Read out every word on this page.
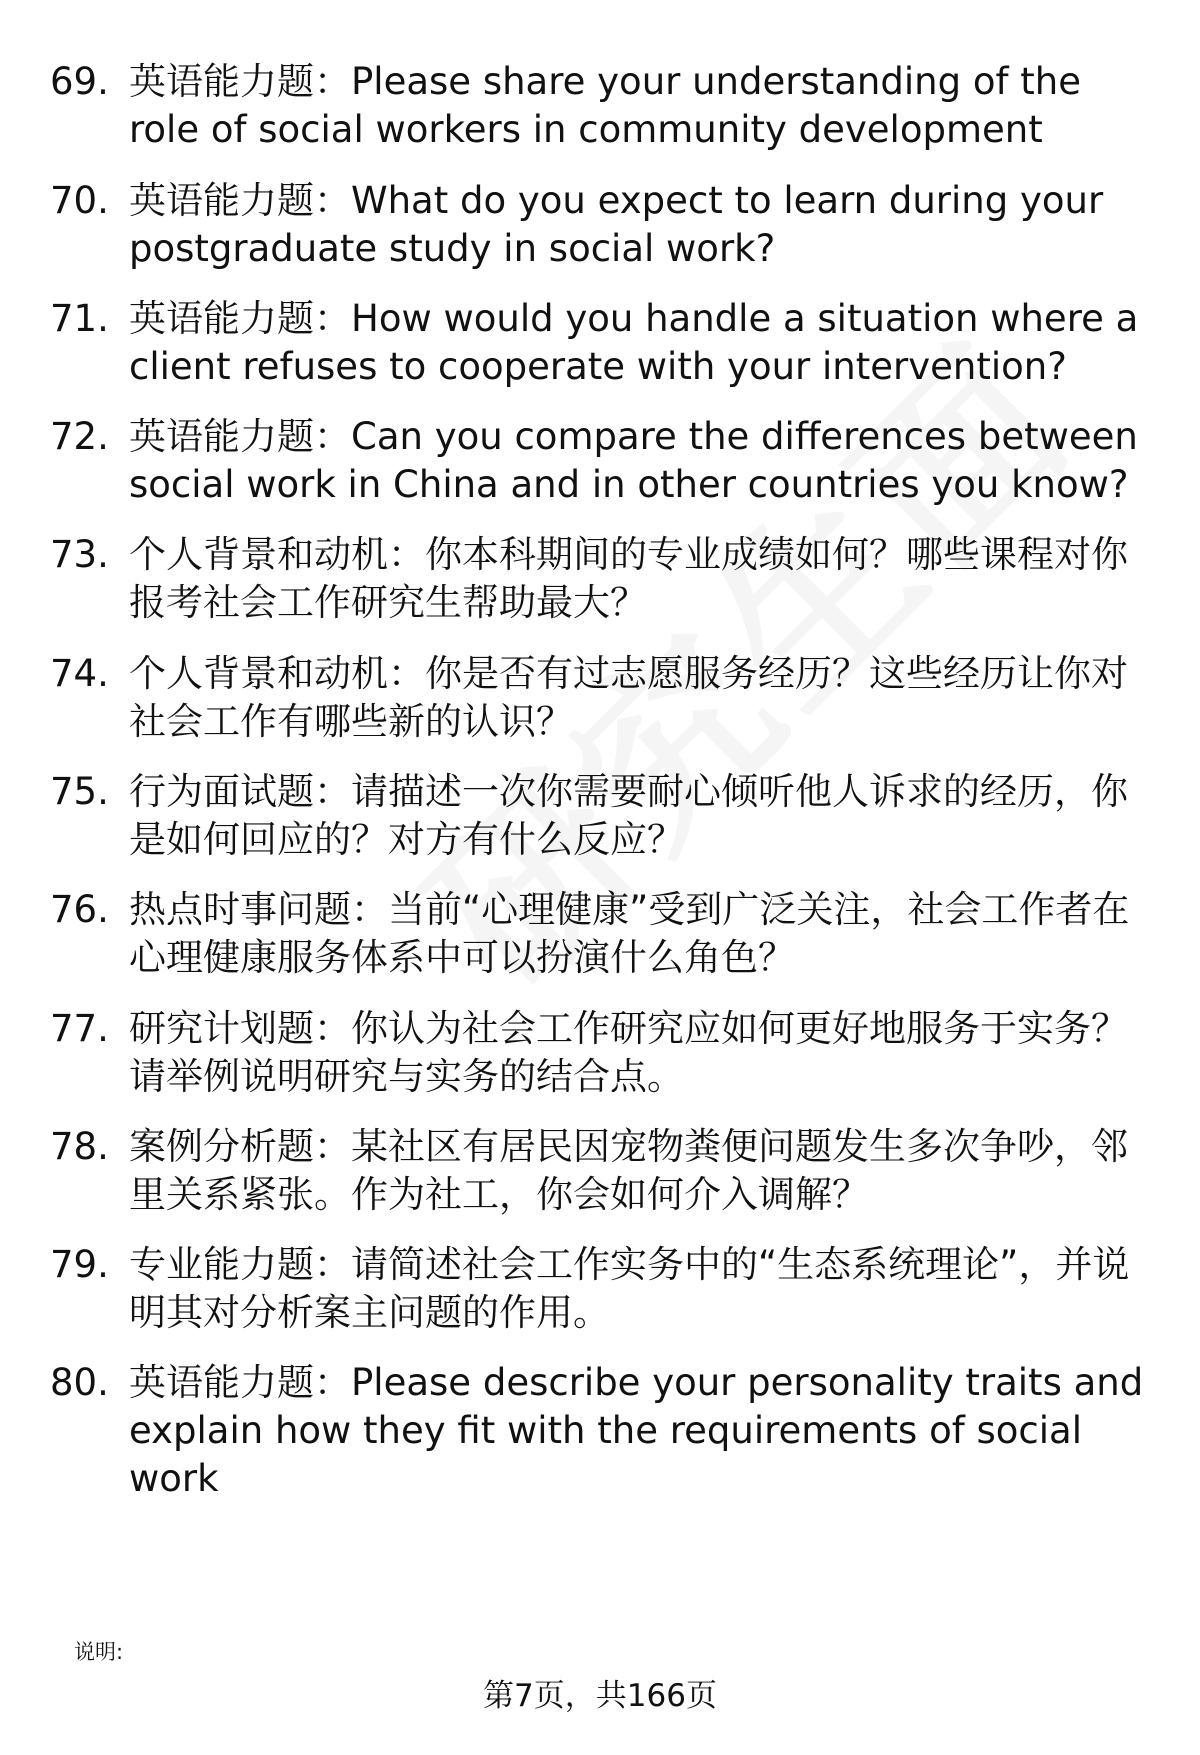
69. 英语能力题：Please share your understanding of the role of social workers in community development
70. 英语能力题：What do you expect to learn during your postgraduate study in social work?
71. 英语能力题：How would you handle a situation where a client refuses to cooperate with your intervention?
72. 英语能力题：Can you compare the differences between social work in China and in other countries you know?
73. 个人背景和动机：你本科期间的专业成绩如何？哪些课程对你报考社会工作研究生帮助最大？
74. 个人背景和动机：你是否有过志愿服务经历？这些经历让你对社会工作有哪些新的认识？
75. 行为面试题：请描述一次你需要耐心倾听他人诉求的经历，你是如何回应的？对方有什么反应？
76. 热点时事问题：当前“心理健康”受到广泛关注，社会工作者在心理健康服务体系中可以扮演什么角色？
77. 研究计划题：你认为社会工作研究应如何更好地服务于实务？请举例说明研究与实务的结合点。
78. 案例分析题：某社区有居民因宠物粪便问题发生多次争吵，邻里关系紧张。作为社工，你会如何介入调解？
79. 专业能力题：请简述社会工作实务中的“生态系统理论”，并说明其对分析案主问题的作用。
80. 英语能力题：Please describe your personality traits and explain how they fit with the requirements of social work
说明:
第7页，共166页
